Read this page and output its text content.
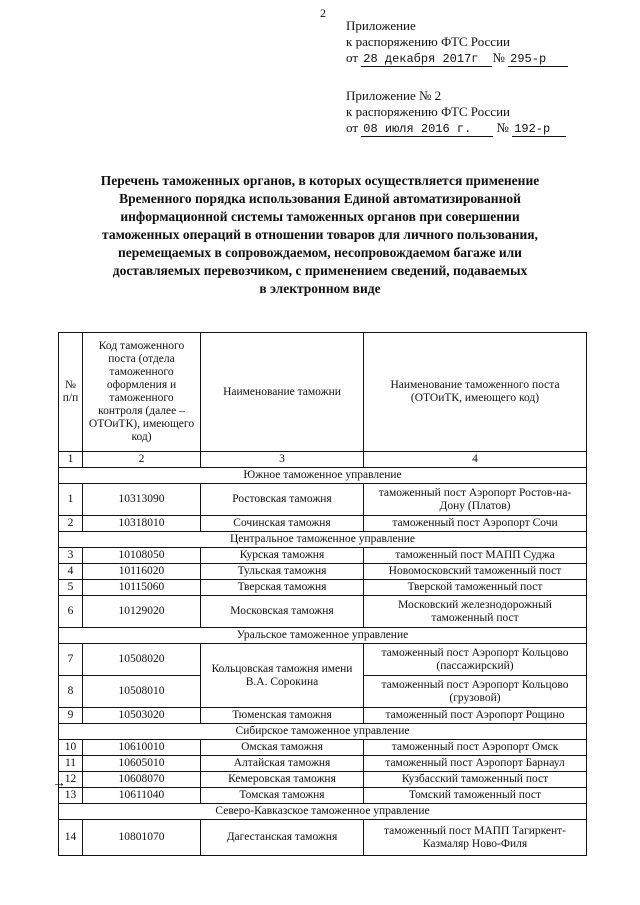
2
Приложение
к распоряжению ФТС России
от 28 декабря 2017г № 295-р
Приложение № 2
к распоряжению ФТС России
от 08 июля 2016 г. № 192-р
Перечень таможенных органов, в которых осуществляется применение
Временного порядка использования Единой автоматизированной
информационной системы таможенных органов при совершении
таможенных операций в отношении товаров для личного пользования,
перемещаемых в сопровождаемом, несопровождаемом багаже или
доставляемых перевозчиком, с применением сведений, подаваемых
в электронном виде
→
№ п/п	Код таможенного поста (отдела таможенного оформления и таможенного контроля (далее – ОТОиТК), имеющего код)	Наименование таможни	Наименование таможенного поста (ОТОиТК, имеющего код)
1	2	3	4
Южное таможенное управление			
1	10313090	Ростовская таможня	таможенный пост Аэропорт Ростов-на-Дону (Платов)
2	10318010	Сочинская таможня	таможенный пост Аэропорт Сочи
Центральное таможенное управление			
3	10108050	Курская таможня	таможенный пост МАПП Суджа
4	10116020	Тульская таможня	Новомосковский таможенный пост
5	10115060	Тверская таможня	Тверской таможенный пост
6	10129020	Московская таможня	Московский железнодорожный таможенный пост
Уральское таможенное управление			
7	10508020	Кольцовская таможня имени В.А. Сорокина	таможенный пост Аэропорт Кольцово (пассажирский)
8	10508010		таможенный пост Аэропорт Кольцово (грузовой)
9	10503020	Тюменская таможня	таможенный пост Аэропорт Рощино
Сибирское таможенное управление			
10	10610010	Омская таможня	таможенный пост Аэропорт Омск
11	10605010	Алтайская таможня	таможенный пост Аэропорт Барнаул
12	10608070	Кемеровская таможня	Кузбасский таможенный пост
13	10611040	Томская таможня	Томский таможенный пост
Северо-Кавказское таможенное управление			
14	10801070	Дагестанская таможня	таможенный пост МАПП Тагиркент-Казмаляр Ново-Филя
